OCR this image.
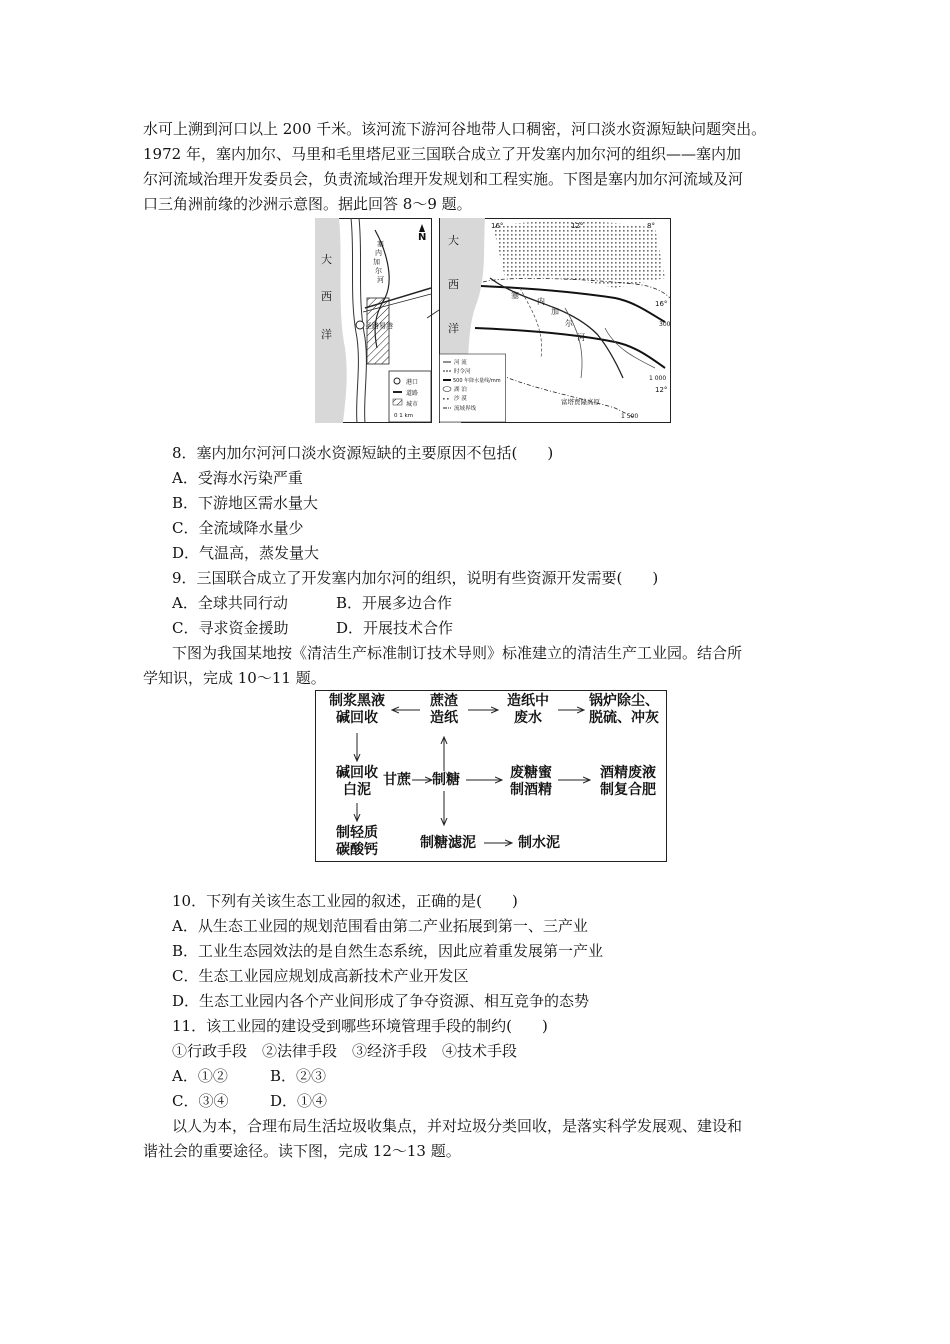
水可上溯到河口以上 200 千米。该河流下游河谷地带人口稠密，河口淡水资源短缺问题突出。
1972 年，塞内加尔、马里和毛里塔尼亚三国联合成立了开发塞内加尔河的组织——塞内加
尔河流域治理开发委员会，负责流域治理开发规划和工程实施。下图是塞内加尔河流域及河
口三角洲前缘的沙洲示意图。据此回答 8～9 题。
圣路易港
大
西
洋
塞
内
加
尔
河
N
港口
道路
城市
0 1 km
大
西
洋
16°	12°	8°
16°
12°
300
1 000
1 500
富塔贾隆高原
塞
内
加
尔
河
河 流
时令河
500 年降水量线/mm
湖 泊
沙 漠
流域界线
8．塞内加尔河河口淡水资源短缺的主要原因不包括(　　)
A．受海水污染严重
B．下游地区需水量大
C．全流域降水量少
D．气温高，蒸发量大
9．三国联合成立了开发塞内加尔河的组织，说明有些资源开发需要(　　)
A．全球共同行动	B．开展多边合作
C．寻求资金援助	D．开展技术合作
下图为我国某地按《清洁生产标准制订技术导则》标准建立的清洁生产工业园。结合所
学知识，完成 10～11 题。
制浆黑液
碱回收
蔗渣
造纸
造纸中
废水
锅炉除尘、
脱硫、冲灰
碱回收
白泥
甘蔗 制糖	废糖蜜
制酒精
酒精废液
制复合肥
制轻质
碳酸钙	制糖滤泥	制水泥
10．下列有关该生态工业园的叙述，正确的是(　　)
A．从生态工业园的规划范围看由第二产业拓展到第一、三产业
B．工业生态园效法的是自然生态系统，因此应着重发展第一产业
C．生态工业园应规划成高新技术产业开发区
D．生态工业园内各个产业间形成了争夺资源、相互竞争的态势
11．该工业园的建设受到哪些环境管理手段的制约(　　)
①行政手段　②法律手段　③经济手段　④技术手段
A．①②	B．②③
C．③④	D．①④
以人为本，合理布局生活垃圾收集点，并对垃圾分类回收，是落实科学发展观、建设和
谐社会的重要途径。读下图，完成 12～13 题。
